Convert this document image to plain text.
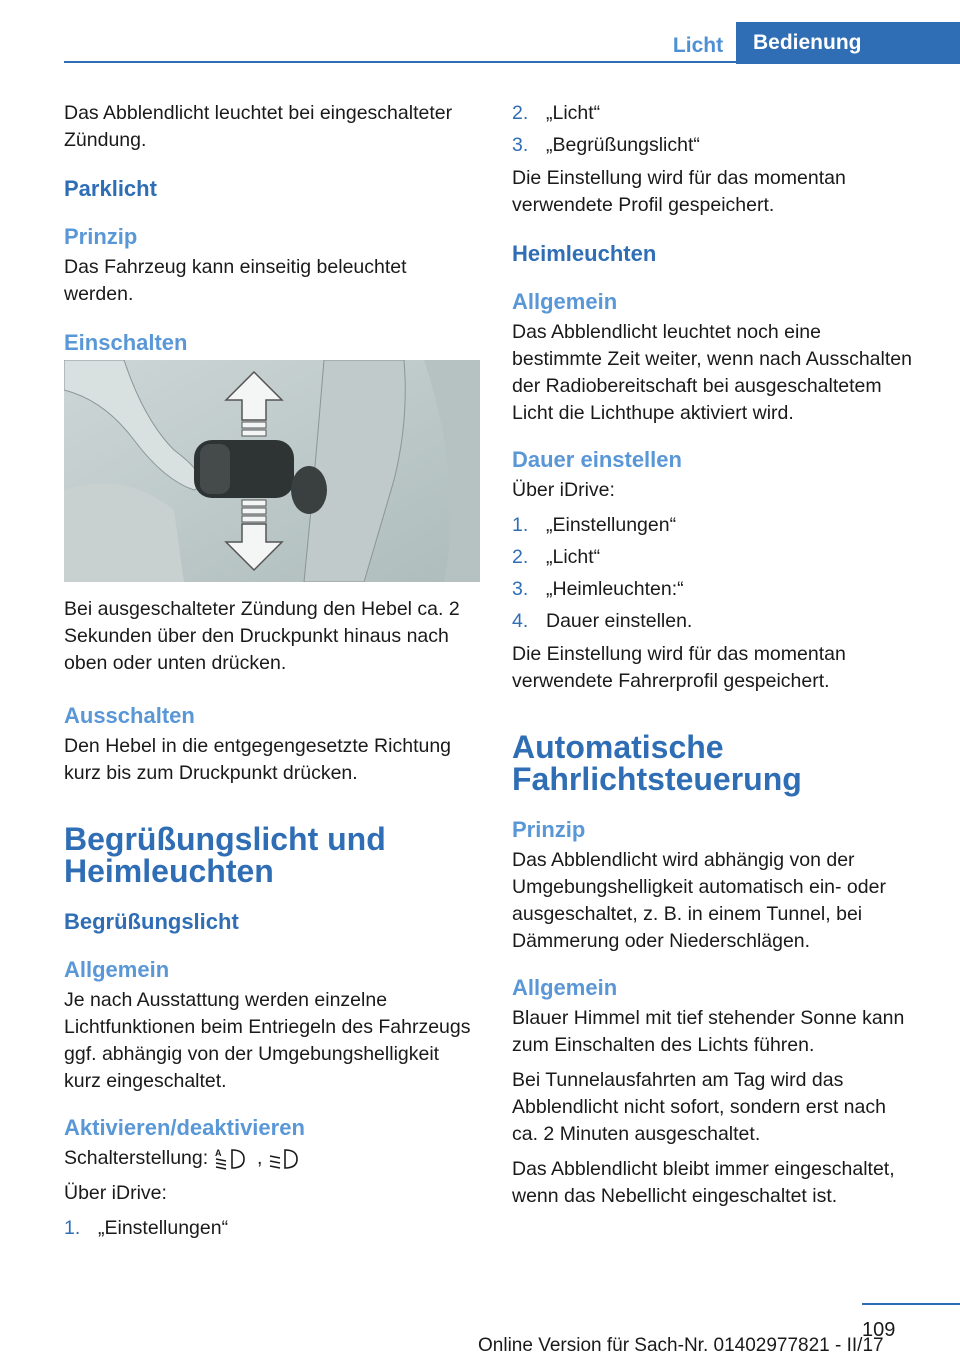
Licht	Bedienung

Das Abblendlicht leuchtet bei eingeschalteter Zündung.

Parklicht
Prinzip

Das Fahrzeug kann einseitig beleuchtet werden.

Einschalten

Bei ausgeschalteter Zündung den Hebel ca. 2 Sekunden über den Druckpunkt hinaus nach oben oder unten drücken.

Ausschalten

Den Hebel in die entgegengesetzte Richtung kurz bis zum Druckpunkt drücken.

Begrüßungslicht und Heimleuchten
Begrüßungslicht
Allgemein

Je nach Ausstattung werden einzelne Lichtfunktionen beim Entriegeln des Fahrzeugs ggf. abhängig von der Umgebungshelligkeit kurz eingeschaltet.

Aktivieren/deaktivieren

Schalterstellung: A ,

Über iDrive:

1. „Einstellungen“
2. „Licht“
3. „Begrüßungslicht“

Die Einstellung wird für das momentan verwendete Profil gespeichert.

Heimleuchten
Allgemein

Das Abblendlicht leuchtet noch eine bestimmte Zeit weiter, wenn nach Ausschalten der Radiobereitschaft bei ausgeschaltetem Licht die Lichthupe aktiviert wird.

Dauer einstellen

Über iDrive:

1. „Einstellungen“
2. „Licht“
3. „Heimleuchten:“
4. Dauer einstellen.

Die Einstellung wird für das momentan verwendete Fahrerprofil gespeichert.

Automatische Fahrlichtsteuerung
Prinzip

Das Abblendlicht wird abhängig von der Umgebungshelligkeit automatisch ein- oder ausgeschaltet, z. B. in einem Tunnel, bei Dämmerung oder Niederschlägen.

Allgemein

Blauer Himmel mit tief stehender Sonne kann zum Einschalten des Lichts führen.

Bei Tunnelausfahrten am Tag wird das Abblendlicht nicht sofort, sondern erst nach ca. 2 Minuten ausgeschaltet.

Das Abblendlicht bleibt immer eingeschaltet, wenn das Nebellicht eingeschaltet ist.

109
Online Version für Sach-Nr. 01402977821 - II/17
